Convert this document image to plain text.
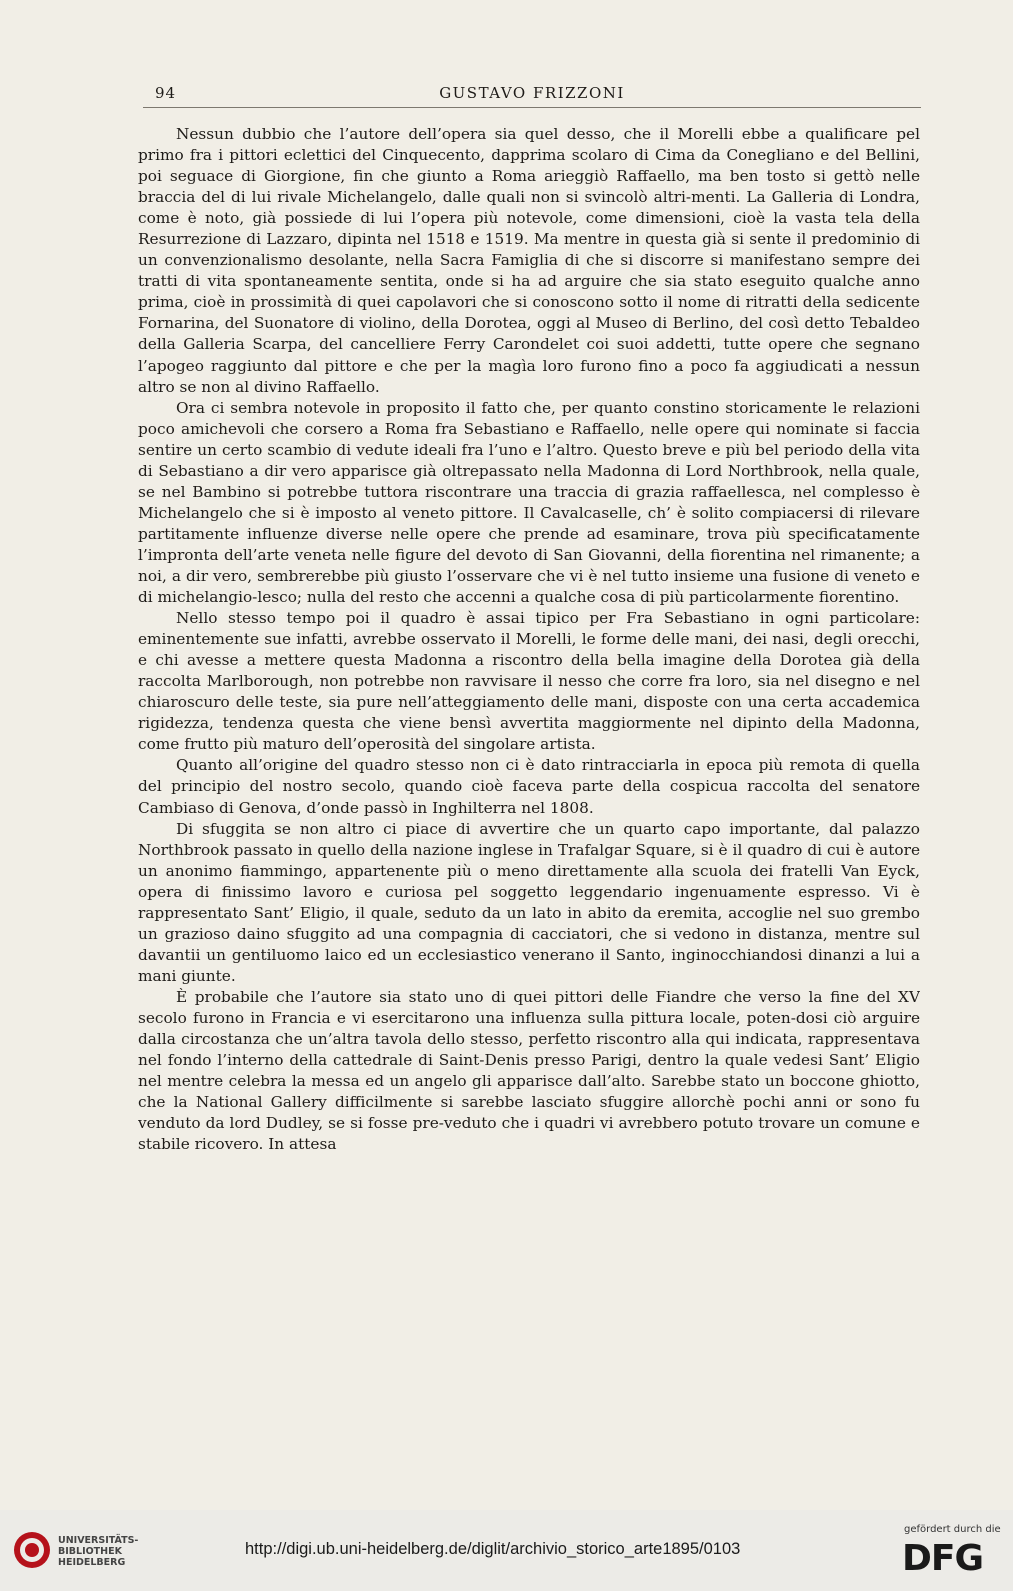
94	GUSTAVO FRIZZONI

Nessun dubbio che l’autore dell’opera sia quel desso, che il Morelli ebbe a qualificare pel primo fra i pittori eclettici del Cinquecento, dapprima scolaro di Cima da Conegliano e del Bellini, poi seguace di Giorgione, fin che giunto a Roma arieggiò Raffaello, ma ben tosto si gettò nelle braccia del di lui rivale Michelangelo, dalle quali non si svincolò altri-menti. La Galleria di Londra, come è noto, già possiede di lui l’opera più notevole, come dimensioni, cioè la vasta tela della Resurrezione di Lazzaro, dipinta nel 1518 e 1519. Ma mentre in questa già si sente il predominio di un convenzionalismo desolante, nella Sacra Famiglia di che si discorre si manifestano sempre dei tratti di vita spontaneamente sentita, onde si ha ad arguire che sia stato eseguito qualche anno prima, cioè in prossimità di quei capolavori che si conoscono sotto il nome di ritratti della sedicente Fornarina, del Suonatore di violino, della Dorotea, oggi al Museo di Berlino, del così detto Tebaldeo della Galleria Scarpa, del cancelliere Ferry Carondelet coi suoi addetti, tutte opere che segnano l’apogeo raggiunto dal pittore e che per la magìa loro furono fino a poco fa aggiudicati a nessun altro se non al divino Raffaello.

Ora ci sembra notevole in proposito il fatto che, per quanto constino storicamente le relazioni poco amichevoli che corsero a Roma fra Sebastiano e Raffaello, nelle opere qui nominate si faccia sentire un certo scambio di vedute ideali fra l’uno e l’altro. Questo breve e più bel periodo della vita di Sebastiano a dir vero apparisce già oltrepassato nella Madonna di Lord Northbrook, nella quale, se nel Bambino si potrebbe tuttora riscontrare una traccia di grazia raffaellesca, nel complesso è Michelangelo che si è imposto al veneto pittore. Il Cavalcaselle, ch’ è solito compiacersi di rilevare partitamente influenze diverse nelle opere che prende ad esaminare, trova più specificatamente l’impronta dell’arte veneta nelle figure del devoto di San Giovanni, della fiorentina nel rimanente; a noi, a dir vero, sembrerebbe più giusto l’osservare che vi è nel tutto insieme una fusione di veneto e di michelangio-lesco; nulla del resto che accenni a qualche cosa di più particolarmente fiorentino.

Nello stesso tempo poi il quadro è assai tipico per Fra Sebastiano in ogni particolare: eminentemente sue infatti, avrebbe osservato il Morelli, le forme delle mani, dei nasi, degli orecchi, e chi avesse a mettere questa Madonna a riscontro della bella imagine della Dorotea già della raccolta Marlborough, non potrebbe non ravvisare il nesso che corre fra loro, sia nel disegno e nel chiaroscuro delle teste, sia pure nell’atteggiamento delle mani, disposte con una certa accademica rigidezza, tendenza questa che viene bensì avvertita maggiormente nel dipinto della Madonna, come frutto più maturo dell’operosità del singolare artista.

Quanto all’origine del quadro stesso non ci è dato rintracciarla in epoca più remota di quella del principio del nostro secolo, quando cioè faceva parte della cospicua raccolta del senatore Cambiaso di Genova, d’onde passò in Inghilterra nel 1808.

Di sfuggita se non altro ci piace di avvertire che un quarto capo importante, dal palazzo Northbrook passato in quello della nazione inglese in Trafalgar Square, si è il quadro di cui è autore un anonimo fiammingo, appartenente più o meno direttamente alla scuola dei fratelli Van Eyck, opera di finissimo lavoro e curiosa pel soggetto leggendario ingenuamente espresso. Vi è rappresentato Sant’ Eligio, il quale, seduto da un lato in abito da eremita, accoglie nel suo grembo un grazioso daino sfuggito ad una compagnia di cacciatori, che si vedono in distanza, mentre sul davantii un gentiluomo laico ed un ecclesiastico venerano il Santo, inginocchiandosi dinanzi a lui a mani giunte.

È probabile che l’autore sia stato uno di quei pittori delle Fiandre che verso la fine del XV secolo furono in Francia e vi esercitarono una influenza sulla pittura locale, poten-dosi ciò arguire dalla circostanza che un’altra tavola dello stesso, perfetto riscontro alla qui indicata, rappresentava nel fondo l’interno della cattedrale di Saint-Denis presso Parigi, dentro la quale vedesi Sant’ Eligio nel mentre celebra la messa ed un angelo gli apparisce dall’alto. Sarebbe stato un boccone ghiotto, che la National Gallery difficilmente si sarebbe lasciato sfuggire allorchè pochi anni or sono fu venduto da lord Dudley, se si fosse pre-veduto che i quadri vi avrebbero potuto trovare un comune e stabile ricovero. In attesa

UNIVERSITÄTS-
BIBLIOTHEK
HEIDELBERG
http://digi.ub.uni-heidelberg.de/diglit/archivio_storico_arte1895/0103
gefördert durch die
DFG
